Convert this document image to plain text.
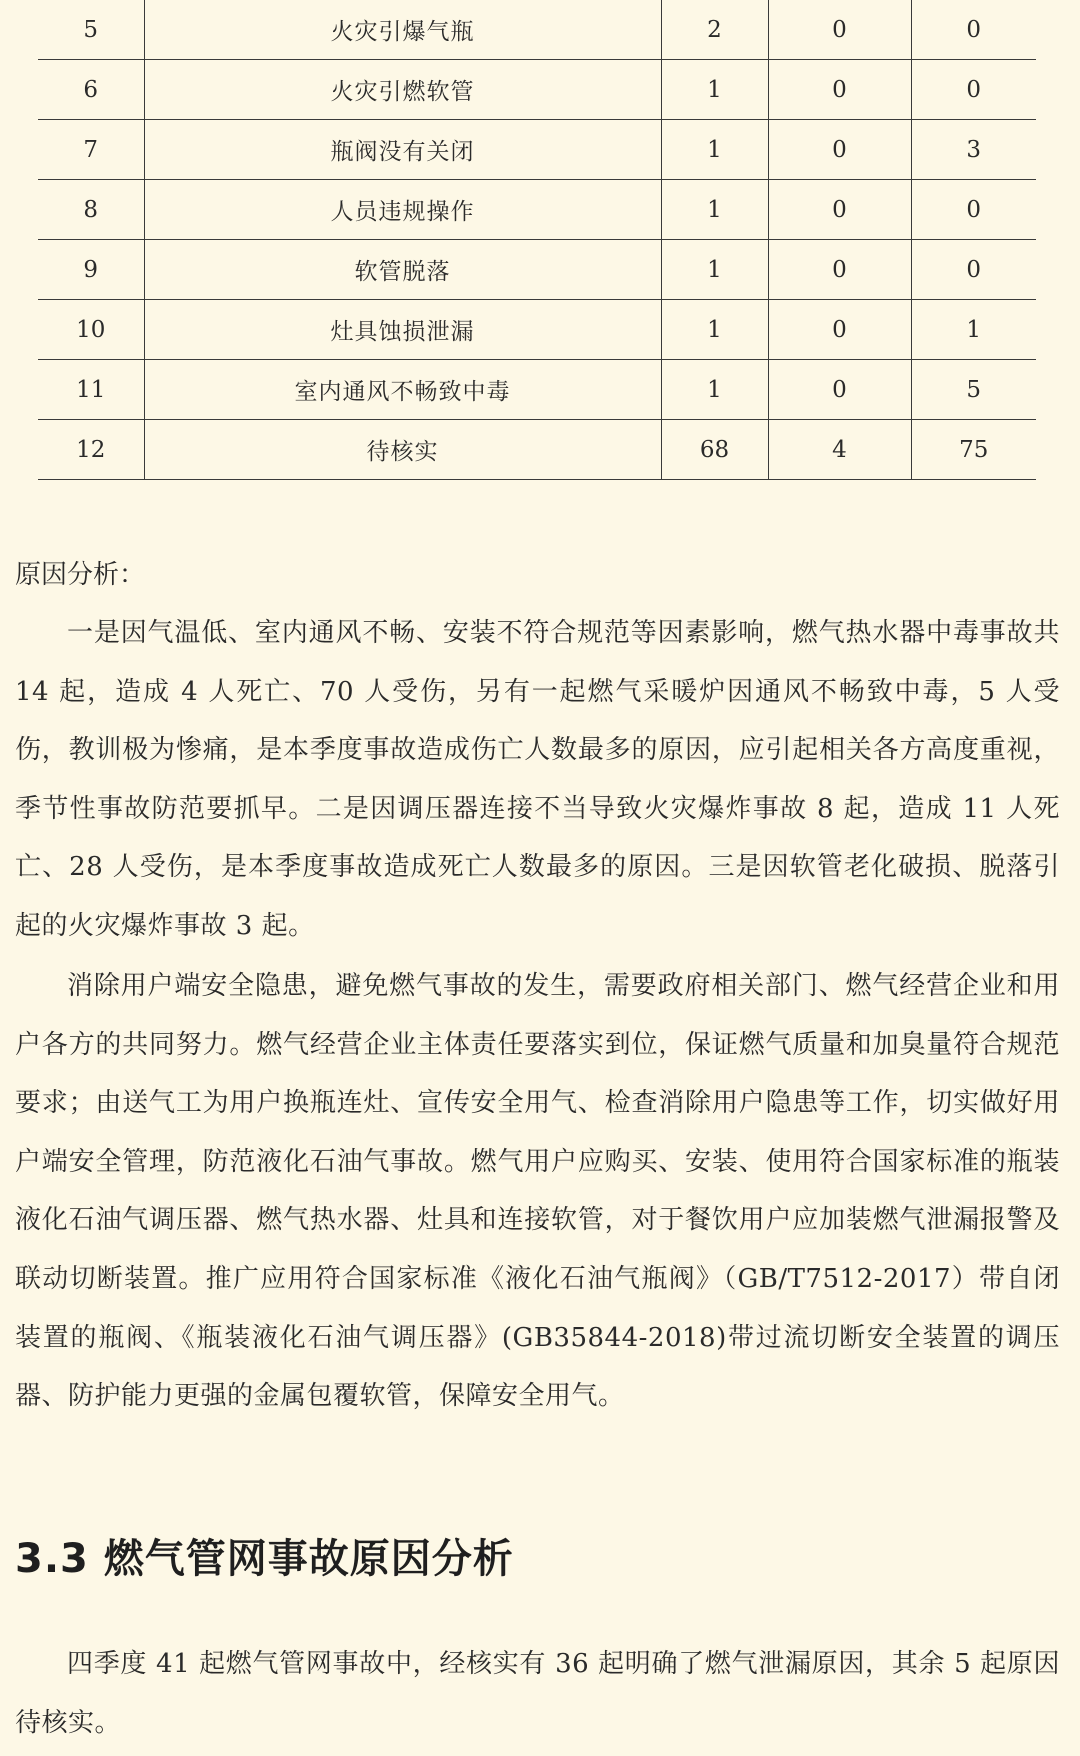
5	火灾引爆气瓶	2	0	0
6	火灾引燃软管	1	0	0
7	瓶阀没有关闭	1	0	3
8	人员违规操作	1	0	0
9	软管脱落	1	0	0
10	灶具蚀损泄漏	1	0	1
11	室内通风不畅致中毒	1	0	5
12	待核实	68	4	75
原因分析：

一是因气温低、室内通风不畅、安装不符合规范等因素影响，燃气热水器中毒事故共 14 起，造成 4 人死亡、70 人受伤，另有一起燃气采暖炉因通风不畅致中毒，5 人受伤，教训极为惨痛，是本季度事故造成伤亡人数最多的原因，应引起相关各方高度重视，季节性事故防范要抓早。二是因调压器连接不当导致火灾爆炸事故 8 起，造成 11 人死亡、28 人受伤，是本季度事故造成死亡人数最多的原因。三是因软管老化破损、脱落引起的火灾爆炸事故 3 起。

消除用户端安全隐患，避免燃气事故的发生，需要政府相关部门、燃气经营企业和用户各方的共同努力。燃气经营企业主体责任要落实到位，保证燃气质量和加臭量符合规范要求；由送气工为用户换瓶连灶、宣传安全用气、检查消除用户隐患等工作，切实做好用户端安全管理，防范液化石油气事故。燃气用户应购买、安装、使用符合国家标准的瓶装液化石油气调压器、燃气热水器、灶具和连接软管，对于餐饮用户应加装燃气泄漏报警及联动切断装置。推广应用符合国家标准《液化石油气瓶阀》（GB/T7512-2017）带自闭装置的瓶阀、《瓶装液化石油气调压器》(GB35844-2018)带过流切断安全装置的调压器、防护能力更强的金属包覆软管，保障安全用气。

3.3 燃气管网事故原因分析

四季度 41 起燃气管网事故中，经核实有 36 起明确了燃气泄漏原因，其余 5 起原因待核实。
